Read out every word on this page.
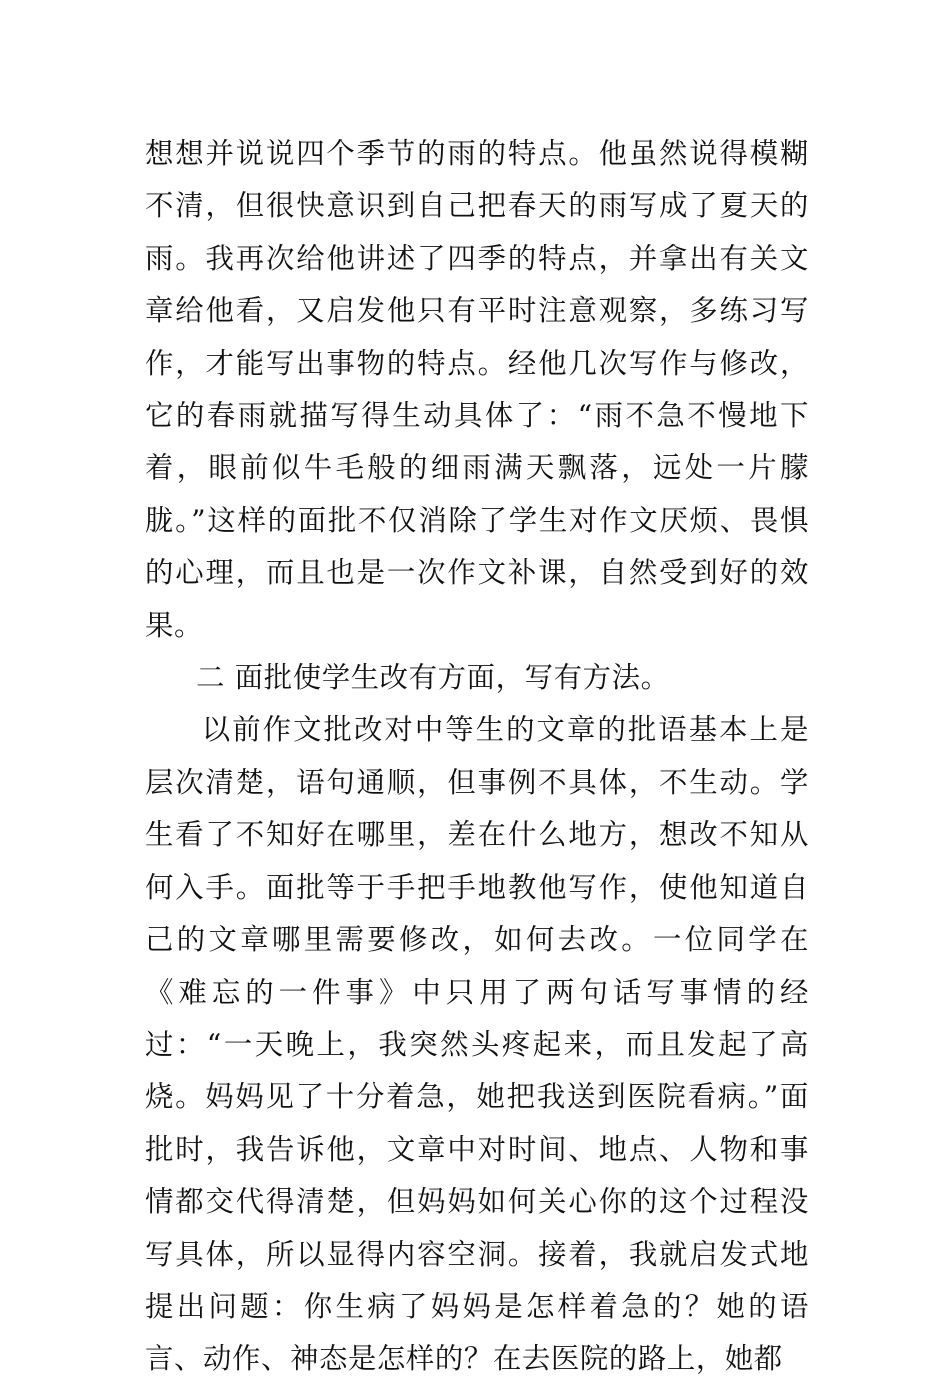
想想并说说四个季节的雨的特点。他虽然说得模糊不清，但很快意识到自己把春天的雨写成了夏天的雨。我再次给他讲述了四季的特点，并拿出有关文章给他看，又启发他只有平时注意观察，多练习写作，才能写出事物的特点。经他几次写作与修改，它的春雨就描写得生动具体了：“雨不急不慢地下着，眼前似牛毛般的细雨满天飘落，远处一片朦胧。”这样的面批不仅消除了学生对作文厌烦、畏惧的心理，而且也是一次作文补课，自然受到好的效果。

二 面批使学生改有方面，写有方法。

以前作文批改对中等生的文章的批语基本上是层次清楚，语句通顺，但事例不具体，不生动。学生看了不知好在哪里，差在什么地方，想改不知从何入手。面批等于手把手地教他写作，使他知道自己的文章哪里需要修改，如何去改。一位同学在《难忘的一件事》中只用了两句话写事情的经过：“一天晚上，我突然头疼起来，而且发起了高烧。妈妈见了十分着急，她把我送到医院看病。”面批时，我告诉他，文章中对时间、地点、人物和事情都交代得清楚，但妈妈如何关心你的这个过程没写具体，所以显得内容空洞。接着，我就启发式地提出问题：你生病了妈妈是怎样着急的？她的语言、动作、神态是怎样的？在去医院的路上，她都
